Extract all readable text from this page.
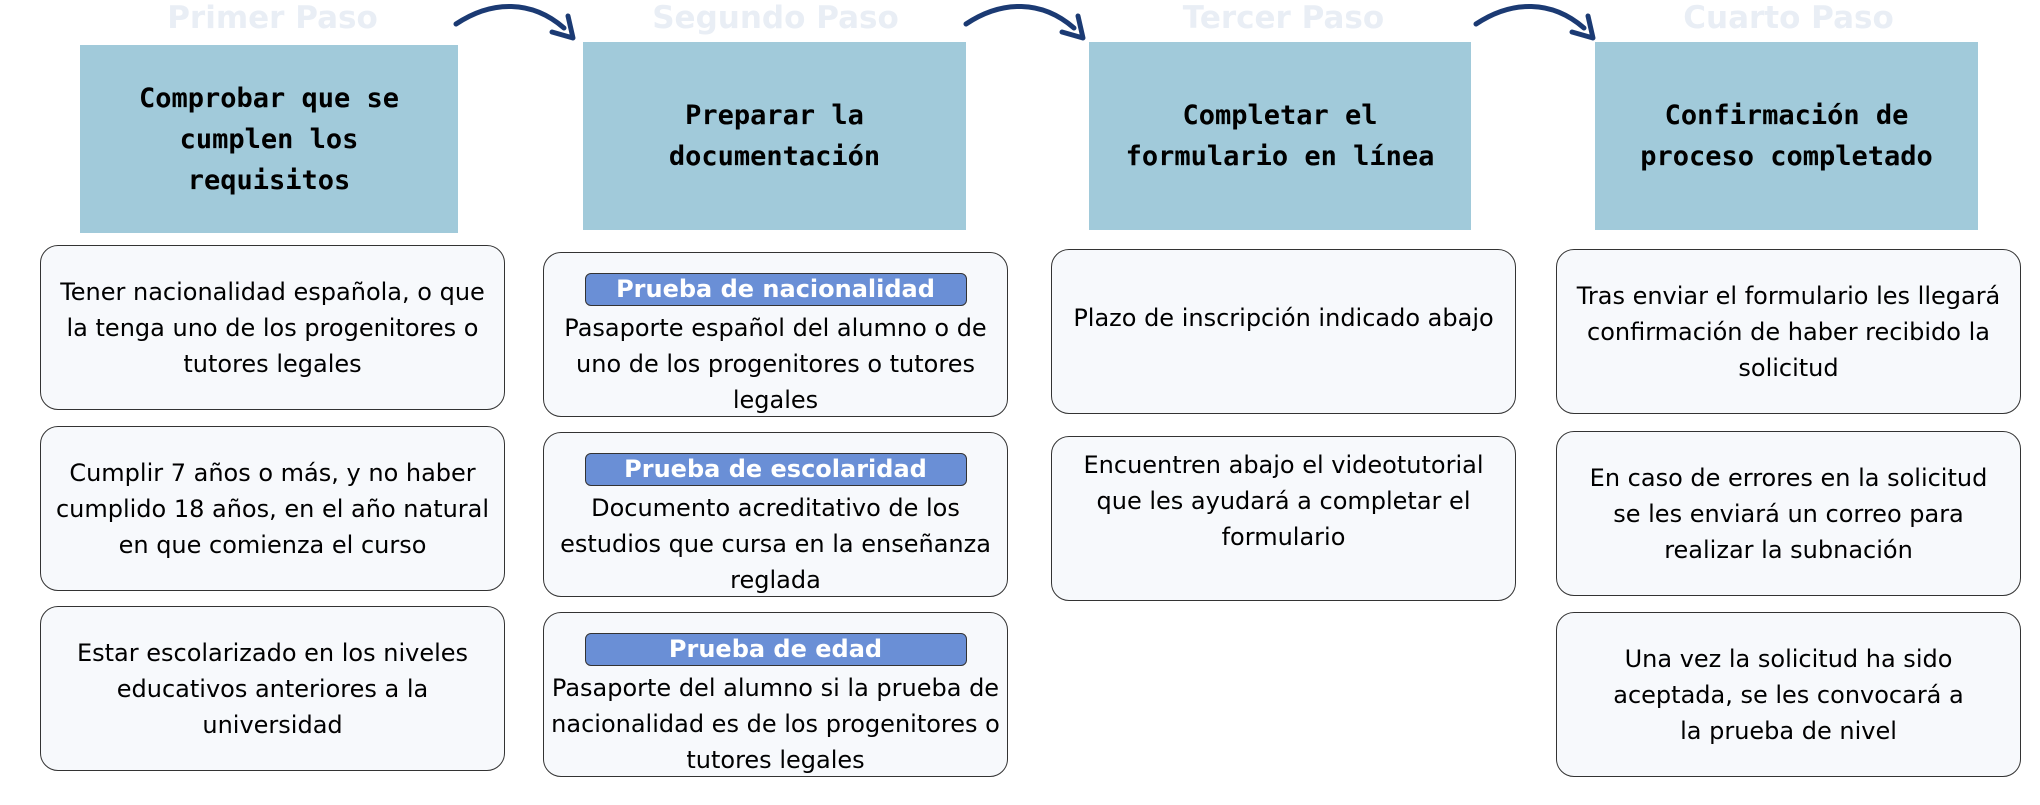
Primer Paso
Comprobar que se cumplen los requisitos
Tener nacionalidad española, o que la tenga uno de los progenitores o tutores legales
Cumplir 7 años o más, y no haber cumplido 18 años, en el año natural en que comienza el curso
Estar escolarizado en los niveles educativos anteriores a la universidad
Segundo Paso
Preparar la documentación
Prueba de nacionalidad
Pasaporte español del alumno o de uno de los progenitores o tutores legales
Prueba de escolaridad
Documento acreditativo de los estudios que cursa en la enseñanza reglada
Prueba de edad
Pasaporte del alumno si la prueba de nacionalidad es de los progenitores o tutores legales
Tercer Paso
Completar el formulario en línea
Plazo de inscripción indicado abajo
Encuentren abajo el videotutorial que les ayudará a completar el formulario
Cuarto Paso
Confirmación de proceso completado
Tras enviar el formulario les llegará confirmación de haber recibido la solicitud
En caso de errores en la solicitud se les enviará un correo para realizar la subnación
Una vez la solicitud ha sido aceptada, se les convocará a la prueba de nivel
